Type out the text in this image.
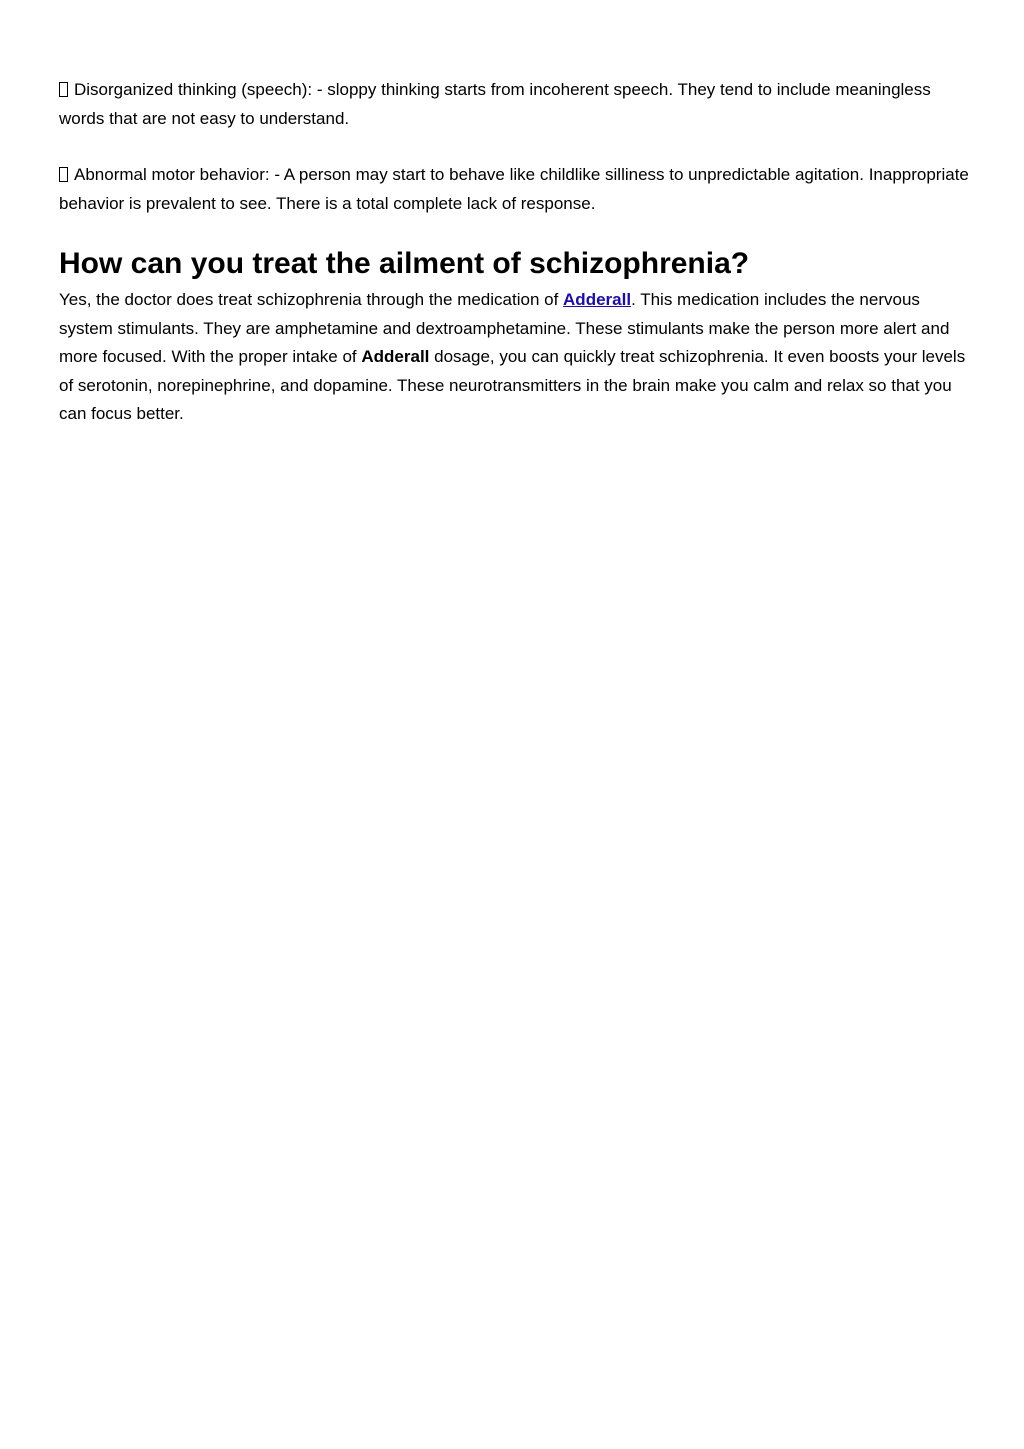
Disorganized thinking (speech): - sloppy thinking starts from incoherent speech. They tend to include meaningless words that are not easy to understand.

Abnormal motor behavior: - A person may start to behave like childlike silliness to unpredictable agitation. Inappropriate behavior is prevalent to see. There is a total complete lack of response.

How can you treat the ailment of schizophrenia?

Yes, the doctor does treat schizophrenia through the medication of Adderall. This medication includes the nervous system stimulants. They are amphetamine and dextroamphetamine. These stimulants make the person more alert and more focused. With the proper intake of Adderall dosage, you can quickly treat schizophrenia. It even boosts your levels of serotonin, norepinephrine, and dopamine. These neurotransmitters in the brain make you calm and relax so that you can focus better.
